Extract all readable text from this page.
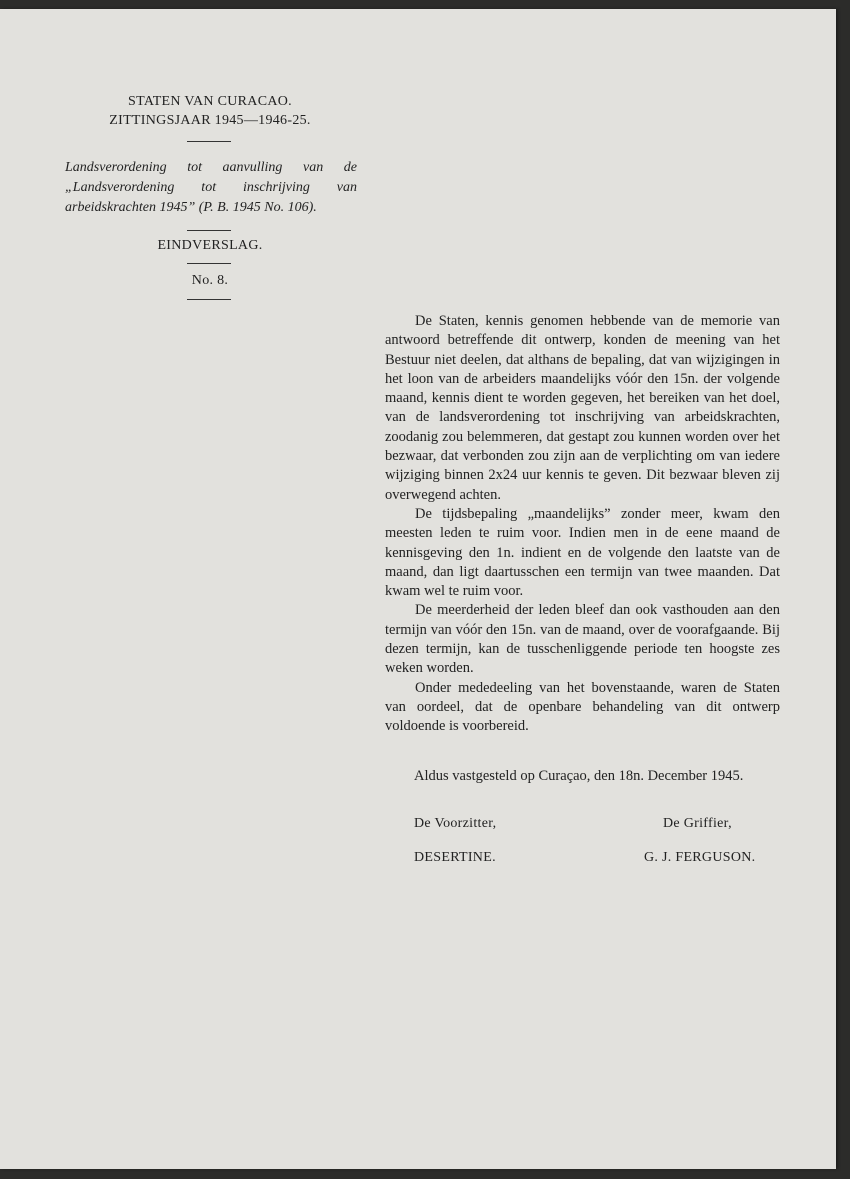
STATEN VAN CURACAO.
ZITTINGSJAAR 1945—1946-25.
Landsverordening tot aanvulling van de „Landsverordening tot inschrijving van arbeidskrachten 1945” (P. B. 1945 No. 106).
EINDVERSLAG.
No. 8.

De Staten, kennis genomen hebbende van de memorie van antwoord betreffende dit ontwerp, konden de meening van het Bestuur niet deelen, dat althans de bepaling, dat van wijzigingen in het loon van de arbeiders maandelijks vóór den 15n. der volgende maand, kennis dient te worden gegeven, het bereiken van het doel, van de landsverordening tot inschrijving van arbeidskrachten, zoodanig zou belemmeren, dat gestapt zou kunnen worden over het bezwaar, dat verbonden zou zijn aan de verplichting om van iedere wijziging binnen 2x24 uur kennis te geven. Dit bezwaar bleven zij overwegend achten.

De tijdsbepaling „maandelijks” zonder meer, kwam den meesten leden te ruim voor. Indien men in de eene maand de kennisgeving den 1n. indient en de volgende den laatste van de maand, dan ligt daartusschen een termijn van twee maanden. Dat kwam wel te ruim voor.

De meerderheid der leden bleef dan ook vasthouden aan den termijn van vóór den 15n. van de maand, over de voorafgaande. Bij dezen termijn, kan de tusschenliggende periode ten hoogste zes weken worden.

Onder mededeeling van het bovenstaande, waren de Staten van oordeel, dat de openbare behandeling van dit ontwerp voldoende is voorbereid.

Aldus vastgesteld op Curaçao, den 18n. December 1945.
De Voorzitter,	De Griffier,
DESERTINE.	G. J. FERGUSON.
